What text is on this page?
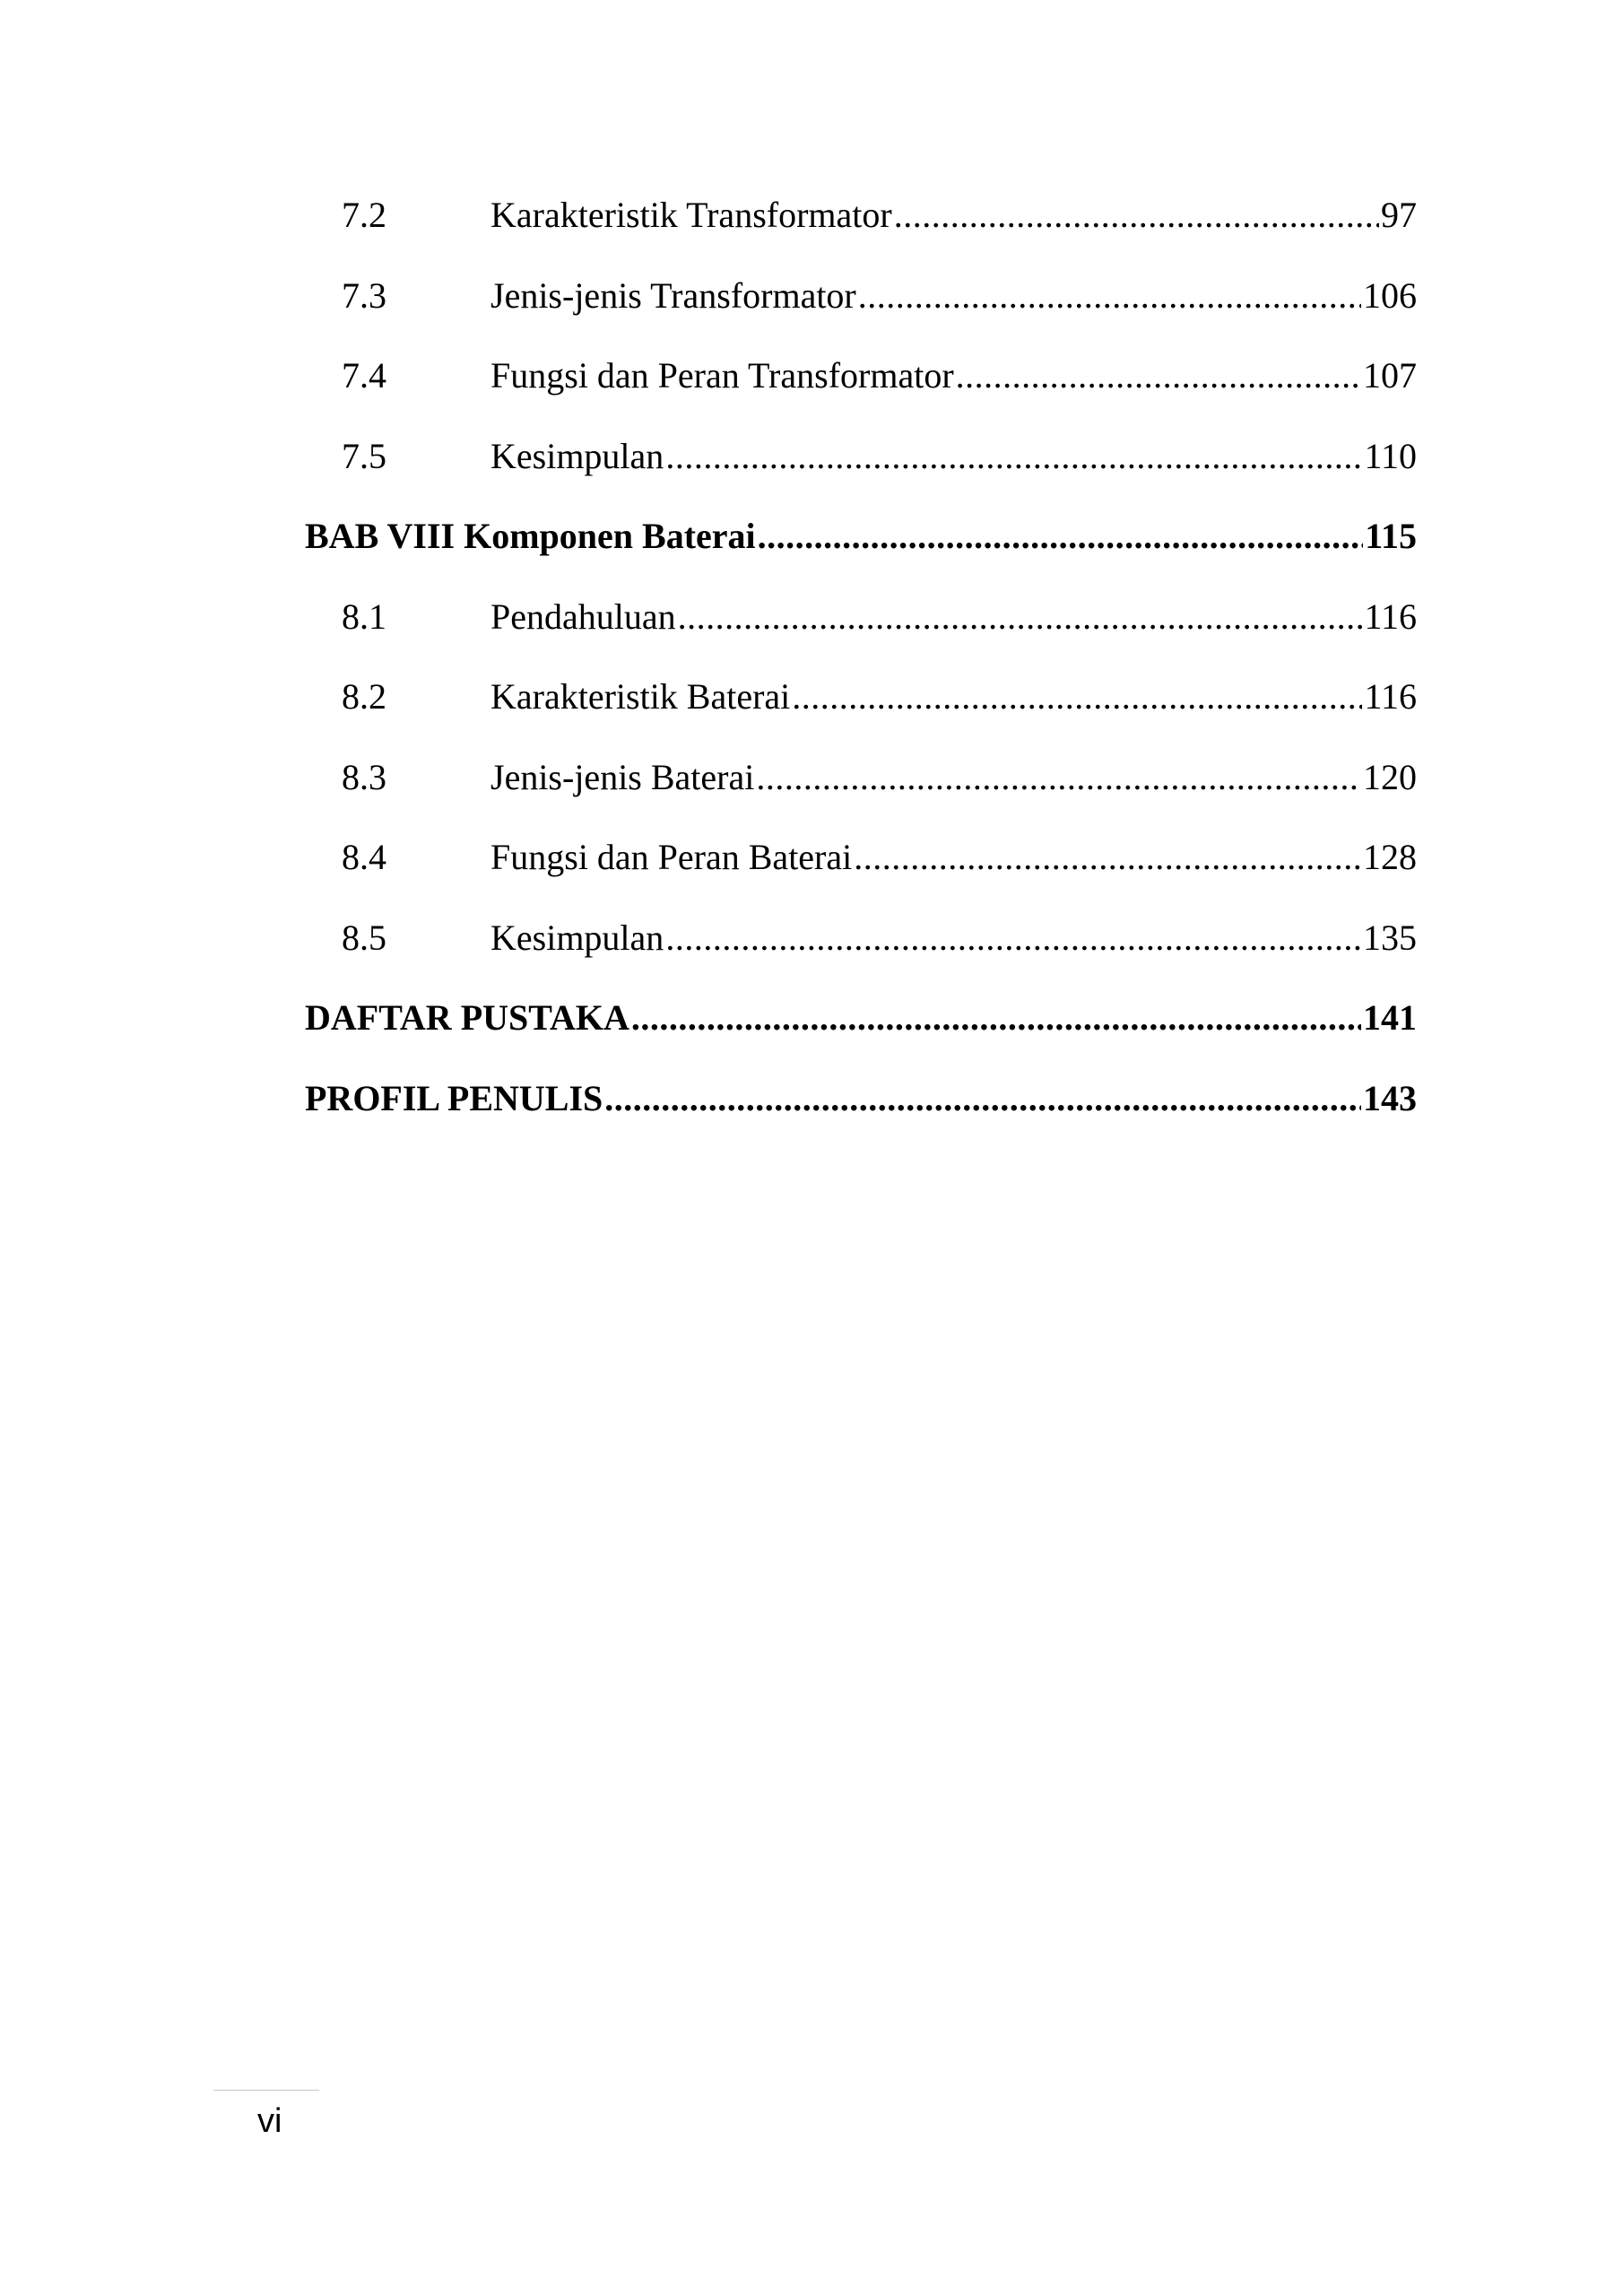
7.2	Karakteristik Transformator .....	97
7.3	Jenis-jenis Transformator .....	106
7.4	Fungsi dan Peran Transformator .....	107
7.5	Kesimpulan .....	110
BAB VIII Komponen Baterai .....	115
8.1	Pendahuluan .....	116
8.2	Karakteristik Baterai .....	116
8.3	Jenis-jenis Baterai .....	120
8.4	Fungsi dan Peran Baterai .....	128
8.5	Kesimpulan .....	135
DAFTAR PUSTAKA .....	141
PROFIL PENULIS .....	143
vi
